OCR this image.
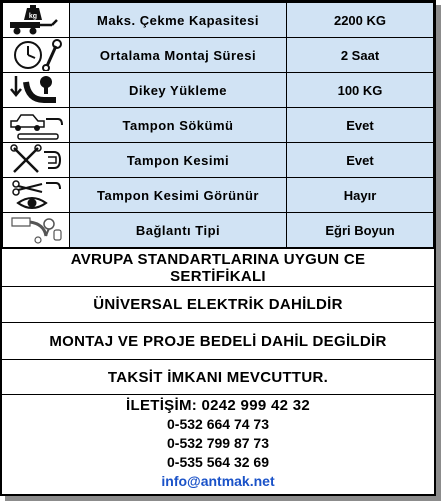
kg	Maks. Çekme Kapasitesi	2200 KG

	Ortalama Montaj Süresi	2 Saat

	Dikey Yükleme	100 KG

	Tampon Sökümü	Evet

	Tampon Kesimi	Evet

	Tampon Kesimi Görünür	Hayır

	Bağlantı Tipi	Eğri Boyun
AVRUPA STANDARTLARINA UYGUN CE SERTİFİKALI
ÜNİVERSAL ELEKTRİK DAHİLDİR
MONTAJ VE PROJE BEDELİ DAHİL DEGİLDİR
TAKSİT İMKANI MEVCUTTUR.
İLETİŞİM: 0242 999 42 32
0-532 664 74 73
0-532 799 87 73
0-535 564 32 69
info@antmak.net
